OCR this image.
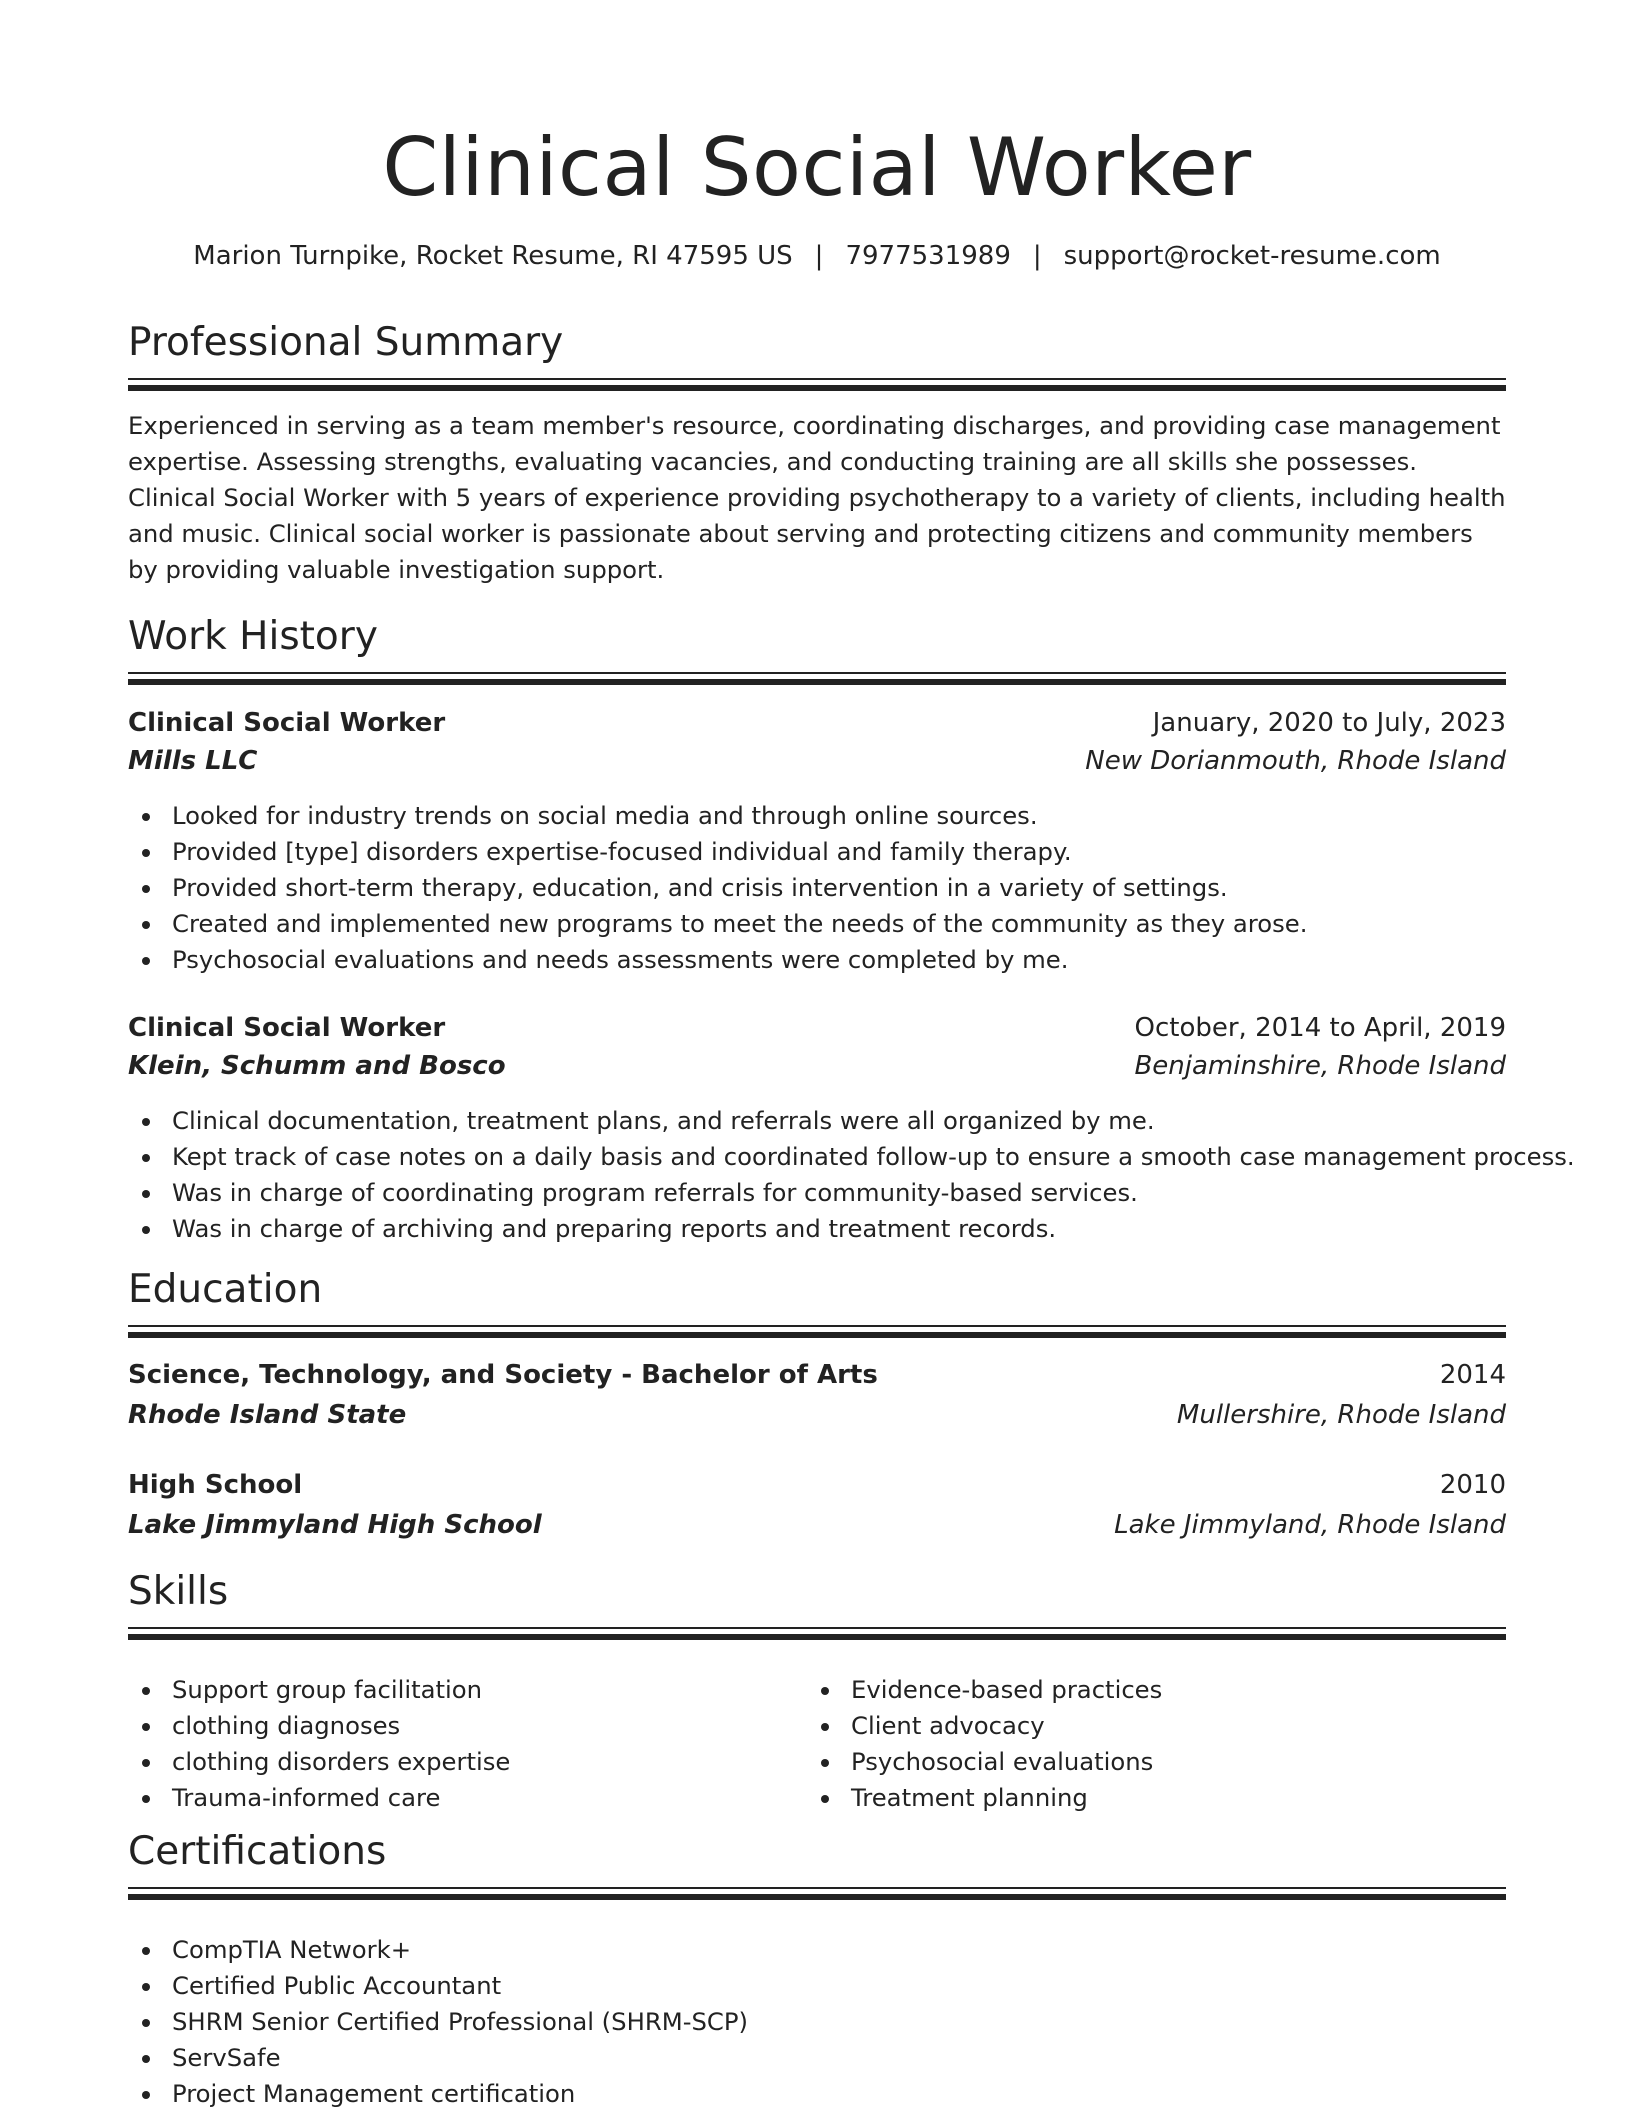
Clinical Social Worker
Marion Turnpike, Rocket Resume, RI 47595 US | 7977531989 | support@rocket-resume.com
Professional Summary
Experienced in serving as a team member's resource, coordinating discharges, and providing case management expertise. Assessing strengths, evaluating vacancies, and conducting training are all skills she possesses. Clinical Social Worker with 5 years of experience providing psychotherapy to a variety of clients, including health and music. Clinical social worker is passionate about serving and protecting citizens and community members by providing valuable investigation support.
Work History
Clinical Social Worker	January, 2020 to July, 2023
Mills LLC	New Dorianmouth, Rhode Island
Looked for industry trends on social media and through online sources.
Provided [type] disorders expertise-focused individual and family therapy.
Provided short-term therapy, education, and crisis intervention in a variety of settings.
Created and implemented new programs to meet the needs of the community as they arose.
Psychosocial evaluations and needs assessments were completed by me.
Clinical Social Worker	October, 2014 to April, 2019
Klein, Schumm and Bosco	Benjaminshire, Rhode Island
Clinical documentation, treatment plans, and referrals were all organized by me.
Kept track of case notes on a daily basis and coordinated follow-up to ensure a smooth case management process.
Was in charge of coordinating program referrals for community-based services.
Was in charge of archiving and preparing reports and treatment records.
Education
Science, Technology, and Society - Bachelor of Arts	2014
Rhode Island State	Mullershire, Rhode Island
High School	2010
Lake Jimmyland High School	Lake Jimmyland, Rhode Island
Skills
Support group facilitation
clothing diagnoses
clothing disorders expertise
Trauma-informed care
Evidence-based practices
Client advocacy
Psychosocial evaluations
Treatment planning
Certifications
CompTIA Network+
Certified Public Accountant
SHRM Senior Certified Professional (SHRM-SCP)
ServSafe
Project Management certification
